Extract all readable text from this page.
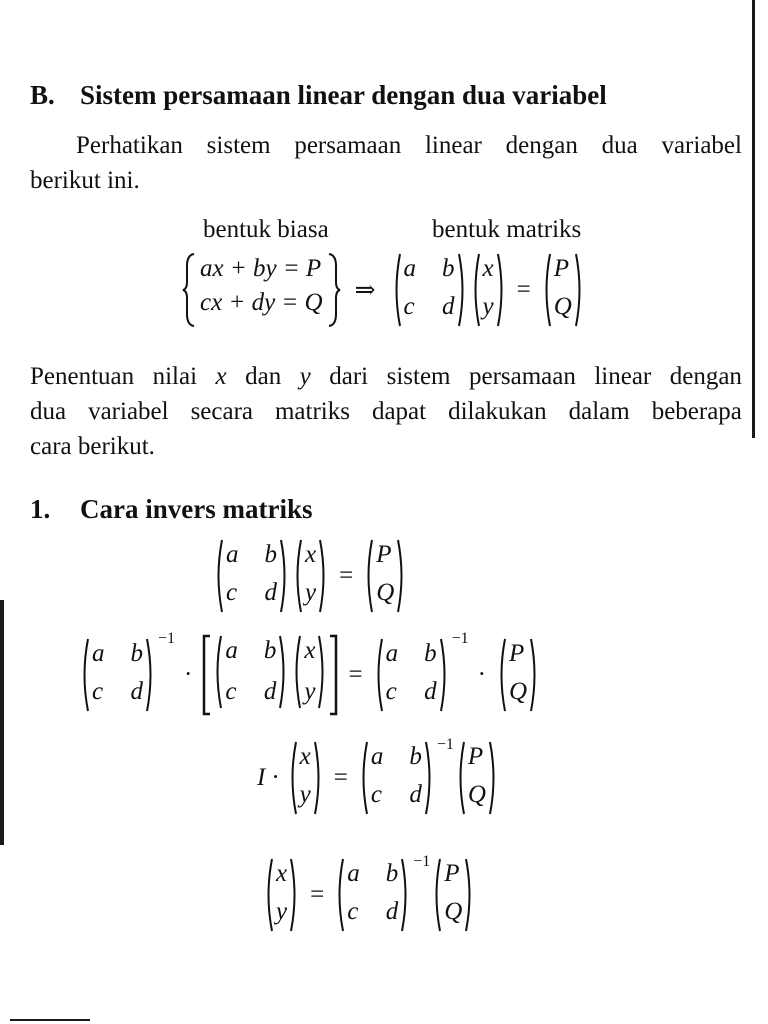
B. Sistem persamaan linear dengan dua variabel
Perhatikan sistem persamaan linear dengan dua variabel
berikut ini.
bentuk biasa	bentuk matriks
ax + by = P
cx + dy = Q ⇒
a b
c d
x
y
=
P
Q
Penentuan nilai x dan y dari sistem persamaan linear dengan
dua variabel secara matriks dapat dilakukan dalam beberapa
cara berikut.
1. Cara invers matriks
a b
c d
x
y
=
P
Q
a b
c d
−1
·
a b
c d
x
y
=
a b
c d
−1
·
P
Q
I ·
x
y
=
a b
c d
−1 P
Q
x
y
=
a b
c d
−1 P
Q
